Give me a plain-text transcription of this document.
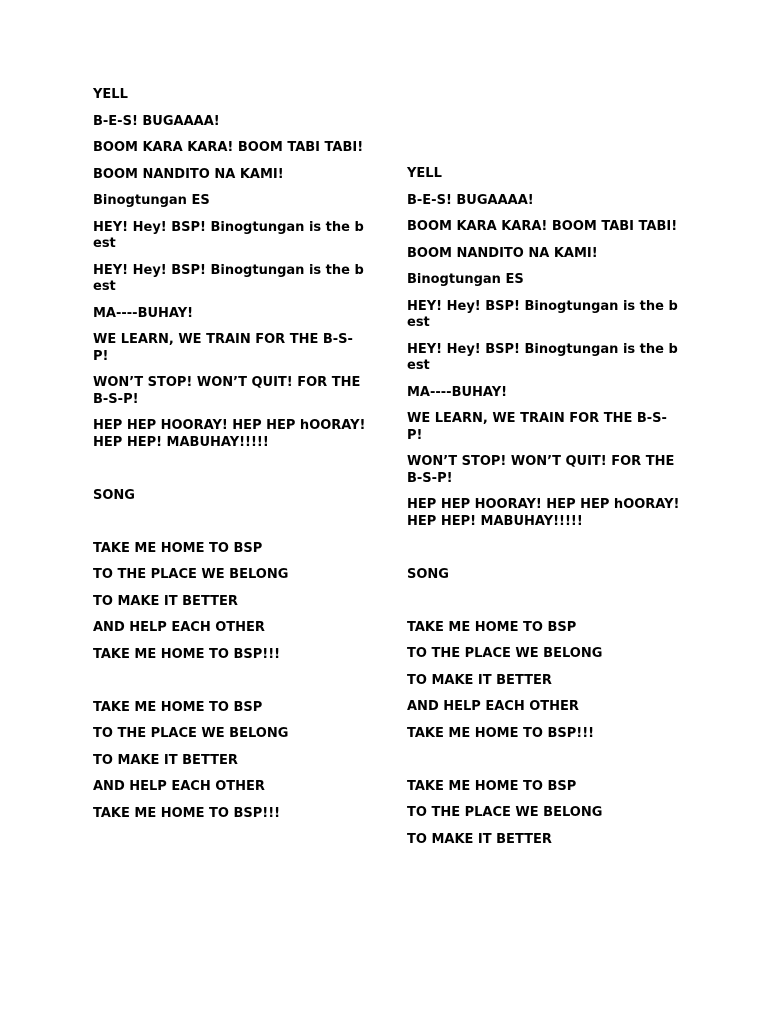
YELL

B-E-S! BUGAAAA!

BOOM KARA KARA! BOOM TABI TABI!

BOOM NANDITO NA KAMI!

Binogtungan ES

HEY! Hey! BSP! Binogtungan is the best

HEY! Hey! BSP! Binogtungan is the best

MA----BUHAY!

WE LEARN, WE TRAIN FOR THE B-S-P!

WON’T STOP! WON’T QUIT! FOR THE B-S-P!

HEP HEP HOORAY! HEP HEP hOORAY! HEP HEP! MABUHAY!!!!!

SONG

TAKE ME HOME TO BSP

TO THE PLACE WE BELONG

TO MAKE IT BETTER

AND HELP EACH OTHER

TAKE ME HOME TO BSP!!!

TAKE ME HOME TO BSP

TO THE PLACE WE BELONG

TO MAKE IT BETTER

AND HELP EACH OTHER

TAKE ME HOME TO BSP!!!

YELL

B-E-S! BUGAAAA!

BOOM KARA KARA! BOOM TABI TABI!

BOOM NANDITO NA KAMI!

Binogtungan ES

HEY! Hey! BSP! Binogtungan is the best

HEY! Hey! BSP! Binogtungan is the best

MA----BUHAY!

WE LEARN, WE TRAIN FOR THE B-S-P!

WON’T STOP! WON’T QUIT! FOR THE B-S-P!

HEP HEP HOORAY! HEP HEP hOORAY! HEP HEP! MABUHAY!!!!!

SONG

TAKE ME HOME TO BSP

TO THE PLACE WE BELONG

TO MAKE IT BETTER

AND HELP EACH OTHER

TAKE ME HOME TO BSP!!!

TAKE ME HOME TO BSP

TO THE PLACE WE BELONG

TO MAKE IT BETTER
